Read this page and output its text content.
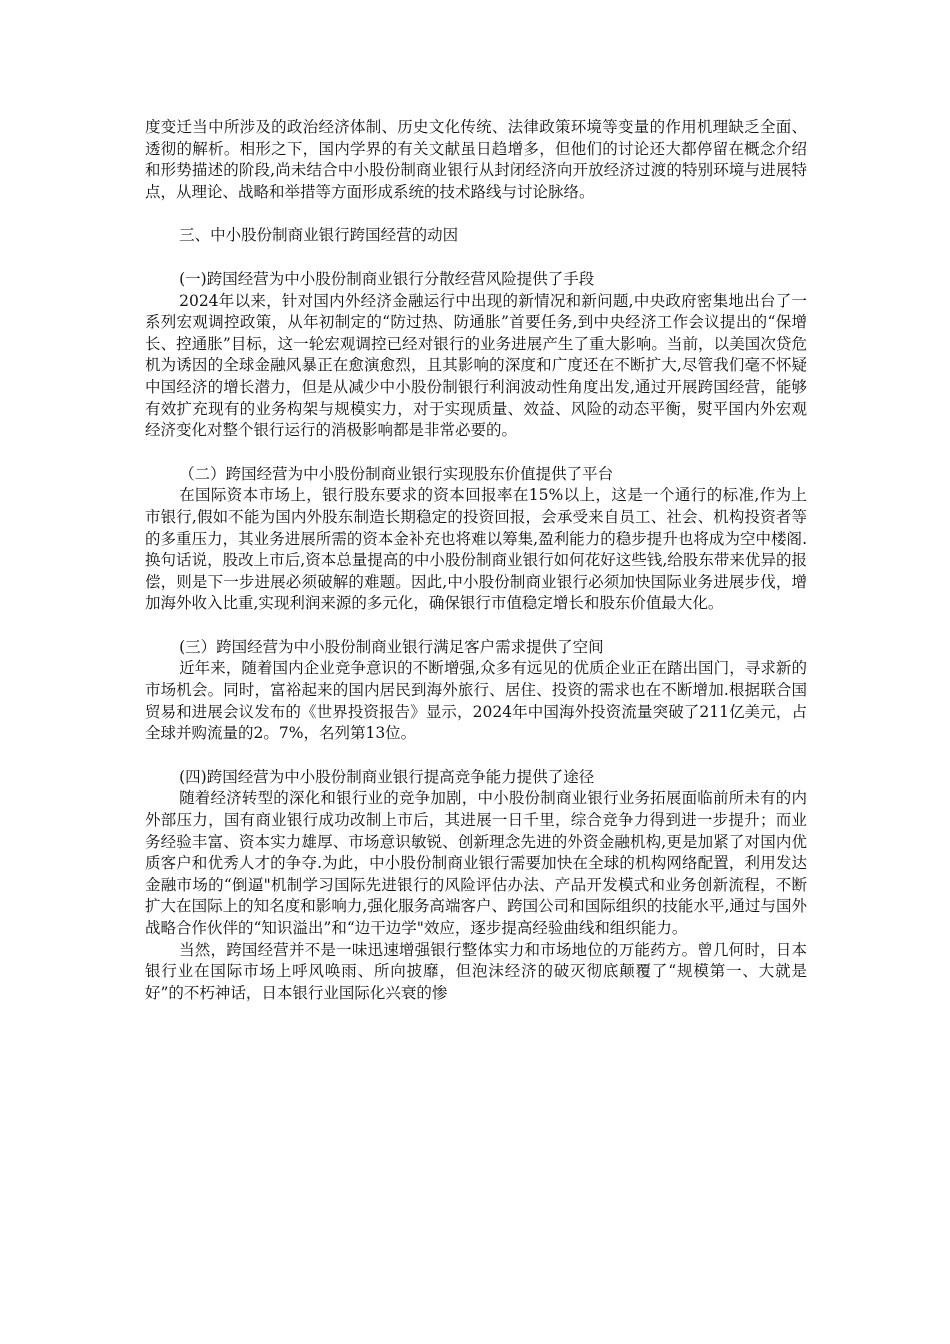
度变迁当中所涉及的政治经济体制、历史文化传统、法律政策环境等变量的作用机理缺乏全面、透彻的解析。相形之下，国内学界的有关文献虽日趋增多，但他们的讨论还大都停留在概念介绍和形势描述的阶段,尚未结合中小股份制商业银行从封闭经济向开放经济过渡的特别环境与进展特点，从理论、战略和举措等方面形成系统的技术路线与讨论脉络。

三、中小股份制商业银行跨国经营的动因

(一)跨国经营为中小股份制商业银行分散经营风险提供了手段

2024年以来，针对国内外经济金融运行中出现的新情况和新问题,中央政府密集地出台了一系列宏观调控政策，从年初制定的“防过热、防通胀”首要任务,到中央经济工作会议提出的“保增长、控通胀”目标，这一轮宏观调控已经对银行的业务进展产生了重大影响。当前，以美国次贷危机为诱因的全球金融风暴正在愈演愈烈，且其影响的深度和广度还在不断扩大,尽管我们毫不怀疑中国经济的增长潜力，但是从减少中小股份制银行利润波动性角度出发,通过开展跨国经营，能够有效扩充现有的业务构架与规模实力，对于实现质量、效益、风险的动态平衡，熨平国内外宏观经济变化对整个银行运行的消极影响都是非常必要的。

（二）跨国经营为中小股份制商业银行实现股东价值提供了平台

在国际资本市场上，银行股东要求的资本回报率在15%以上，这是一个通行的标准,作为上市银行,假如不能为国内外股东制造长期稳定的投资回报，会承受来自员工、社会、机构投资者等的多重压力，其业务进展所需的资本金补充也将难以筹集,盈利能力的稳步提升也将成为空中楼阁.换句话说，股改上市后,资本总量提高的中小股份制商业银行如何花好这些钱,给股东带来优异的报偿，则是下一步进展必须破解的难题。因此,中小股份制商业银行必须加快国际业务进展步伐，增加海外收入比重,实现利润来源的多元化，确保银行市值稳定增长和股东价值最大化。

(三）跨国经营为中小股份制商业银行满足客户需求提供了空间

近年来，随着国内企业竞争意识的不断增强,众多有远见的优质企业正在踏出国门，寻求新的市场机会。同时，富裕起来的国内居民到海外旅行、居住、投资的需求也在不断增加.根据联合国贸易和进展会议发布的《世界投资报告》显示，2024年中国海外投资流量突破了211亿美元，占全球并购流量的2。7%，名列第13位。

(四)跨国经营为中小股份制商业银行提高竞争能力提供了途径

随着经济转型的深化和银行业的竞争加剧，中小股份制商业银行业务拓展面临前所未有的内外部压力，国有商业银行成功改制上市后，其进展一日千里，综合竞争力得到进一步提升；而业务经验丰富、资本实力雄厚、市场意识敏锐、创新理念先进的外资金融机构,更是加紧了对国内优质客户和优秀人才的争夺.为此，中小股份制商业银行需要加快在全球的机构网络配置，利用发达金融市场的“倒逼"机制学习国际先进银行的风险评估办法、产品开发模式和业务创新流程，不断扩大在国际上的知名度和影响力,强化服务高端客户、跨国公司和国际组织的技能水平,通过与国外战略合作伙伴的“知识溢出”和“边干边学"效应，逐步提高经验曲线和组织能力。

当然，跨国经营并不是一味迅速增强银行整体实力和市场地位的万能药方。曾几何时，日本银行业在国际市场上呼风唤雨、所向披靡，但泡沫经济的破灭彻底颠覆了“规模第一、大就是好”的不朽神话，日本银行业国际化兴衰的惨
